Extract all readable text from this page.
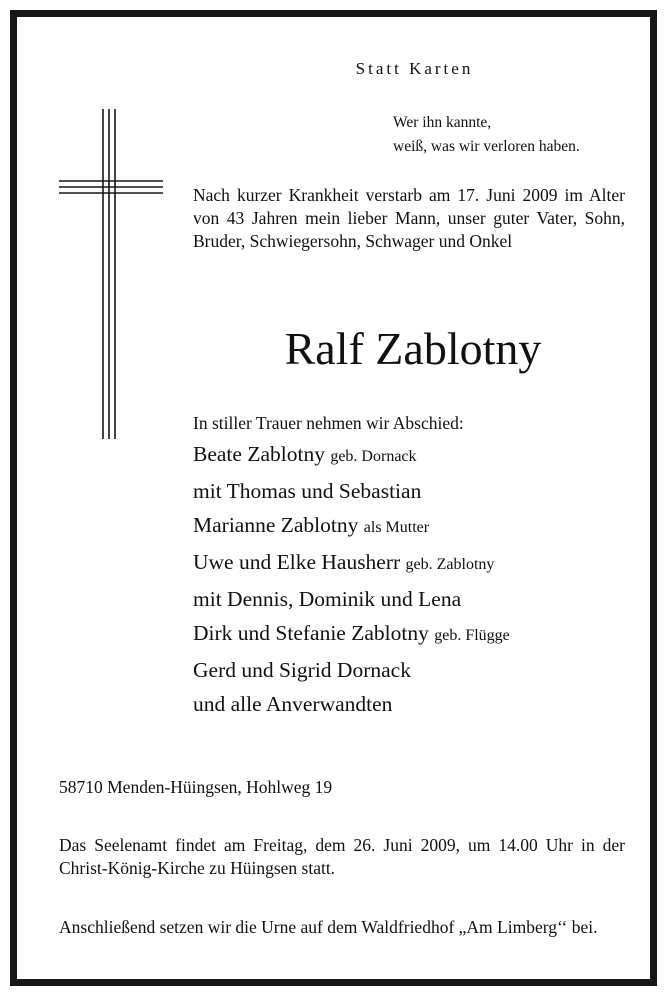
Statt Karten
Wer ihn kannte,
weiß, was wir verloren haben.
Nach kurzer Krankheit verstarb am 17. Juni 2009 im Alter von 43 Jahren mein lieber Mann, unser guter Vater, Sohn, Bruder, Schwiegersohn, Schwager und Onkel
Ralf Zablotny
In stiller Trauer nehmen wir Abschied:
Beate Zablotny geb. Dornack
mit Thomas und Sebastian
Marianne Zablotny als Mutter
Uwe und Elke Hausherr geb. Zablotny
mit Dennis, Dominik und Lena
Dirk und Stefanie Zablotny geb. Flügge
Gerd und Sigrid Dornack
und alle Anverwandten
58710 Menden-Hüingsen, Hohlweg 19
Das Seelenamt findet am Freitag, dem 26. Juni 2009, um 14.00 Uhr in der Christ-König-Kirche zu Hüingsen statt.
Anschließend setzen wir die Urne auf dem Waldfriedhof „Am Limberg‘‘ bei.
